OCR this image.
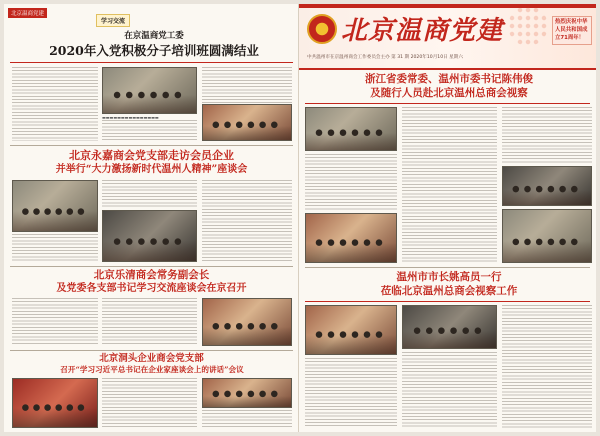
北京温商党建
学习交流
在京温商党工委
2020年入党积极分子培训班圆满结业
▬▬▬▬▬▬▬▬▬▬▬▬▬▬▬
北京永嘉商会党支部走访会员企业
并举行“大力激扬新时代温州人精神”座谈会
北京乐清商会常务副会长
及党委各支部书记学习交流座谈会在京召开
北京洞头企业商会党支部
召开“学习习近平总书记在企业家座谈会上的讲话”会议
北京温商党建
中共温州市在京温州商会工作委员会主办 第 31 期 2020年10月10日 星期六
热烈庆祝中华人民共和国成立71周年！
浙江省委常委、温州市委书记陈伟俊
及随行人员赴北京温州总商会视察
温州市市长姚高员一行
莅临北京温州总商会视察工作
